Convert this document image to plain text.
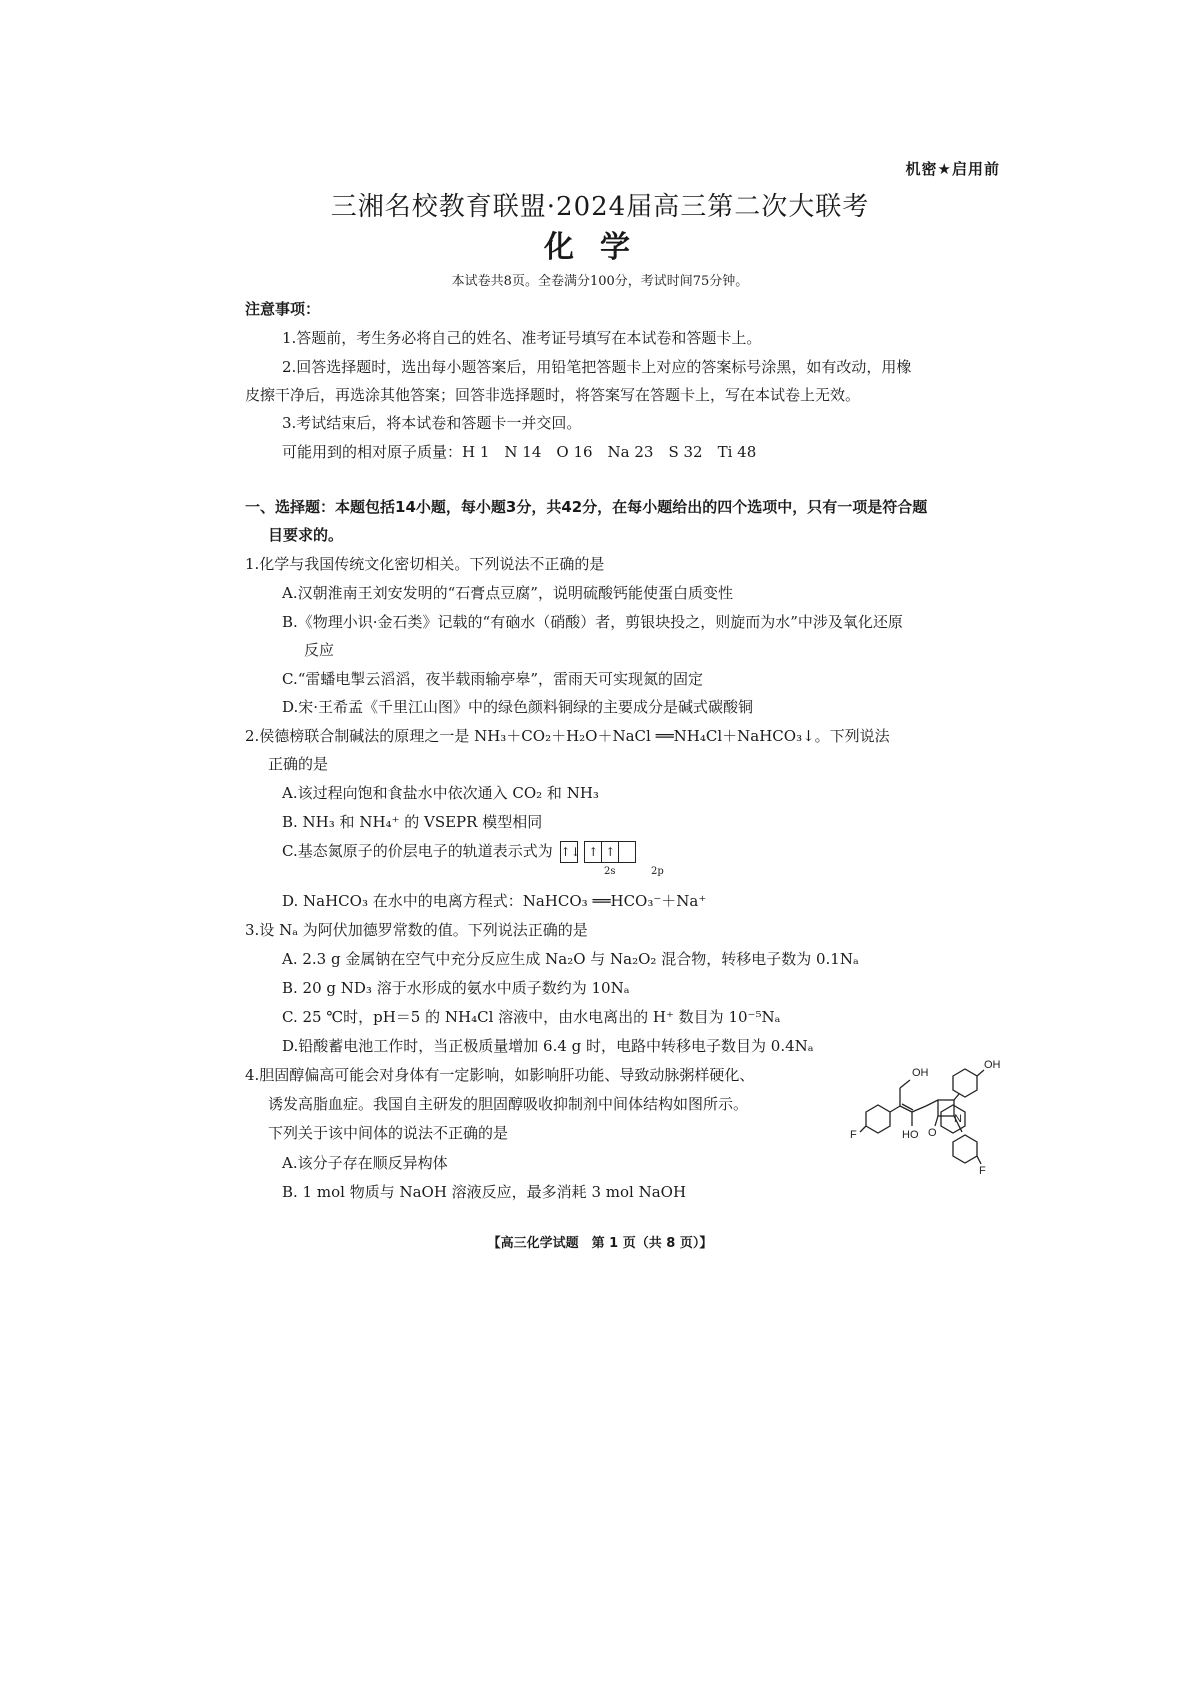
机密★启用前
三湘名校教育联盟·2024届高三第二次大联考
化学
本试卷共8页。全卷满分100分，考试时间75分钟。
注意事项：
1.答题前，考生务必将自己的姓名、准考证号填写在本试卷和答题卡上。
2.回答选择题时，选出每小题答案后，用铅笔把答题卡上对应的答案标号涂黑，如有改动，用橡
皮擦干净后，再选涂其他答案；回答非选择题时，将答案写在答题卡上，写在本试卷上无效。
3.考试结束后，将本试卷和答题卡一并交回。
可能用到的相对原子质量：H 1　N 14　O 16　Na 23　S 32　Ti 48
一、选择题：本题包括14小题，每小题3分，共42分，在每小题给出的四个选项中，只有一项是符合题
目要求的。
1.化学与我国传统文化密切相关。下列说法不正确的是
A.汉朝淮南王刘安发明的“石膏点豆腐”，说明硫酸钙能使蛋白质变性
B.《物理小识·金石类》记载的“有硇水（硝酸）者，剪银块投之，则旋而为水”中涉及氧化还原
反应
C.“雷蟠电掣云滔滔，夜半载雨输亭皋”，雷雨天可实现氮的固定
D.宋·王希孟《千里江山图》中的绿色颜料铜绿的主要成分是碱式碳酸铜
2.侯德榜联合制碱法的原理之一是 NH₃＋CO₂＋H₂O＋NaCl ══NH₄Cl＋NaHCO₃↓。下列说法
正确的是
A.该过程向饱和食盐水中依次通入 CO₂ 和 NH₃
B. NH₃ 和 NH₄⁺ 的 VSEPR 模型相同
C.基态氮原子的价层电子的轨道表示式为 ↑↓
↑ ↑
2s	2p
D. NaHCO₃ 在水中的电离方程式：NaHCO₃ ══HCO₃⁻＋Na⁺
3.设 Nₐ 为阿伏加德罗常数的值。下列说法正确的是
A. 2.3 g 金属钠在空气中充分反应生成 Na₂O 与 Na₂O₂ 混合物，转移电子数为 0.1Nₐ
B. 20 g ND₃ 溶于水形成的氨水中质子数约为 10Nₐ
C. 25 ℃时，pH＝5 的 NH₄Cl 溶液中，由水电离出的 H⁺ 数目为 10⁻⁵Nₐ
D.铅酸蓄电池工作时，当正极质量增加 6.4 g 时，电路中转移电子数目为 0.4Nₐ
4.胆固醇偏高可能会对身体有一定影响，如影响肝功能、导致动脉粥样硬化、
诱发高脂血症。我国自主研发的胆固醇吸收抑制剂中间体结构如图所示。
下列关于该中间体的说法不正确的是
A.该分子存在顺反异构体
B. 1 mol 物质与 NaOH 溶液反应，最多消耗 3 mol NaOH
OH
OH
HO O
N
F
F
【高三化学试题　第 1 页（共 8 页）】
